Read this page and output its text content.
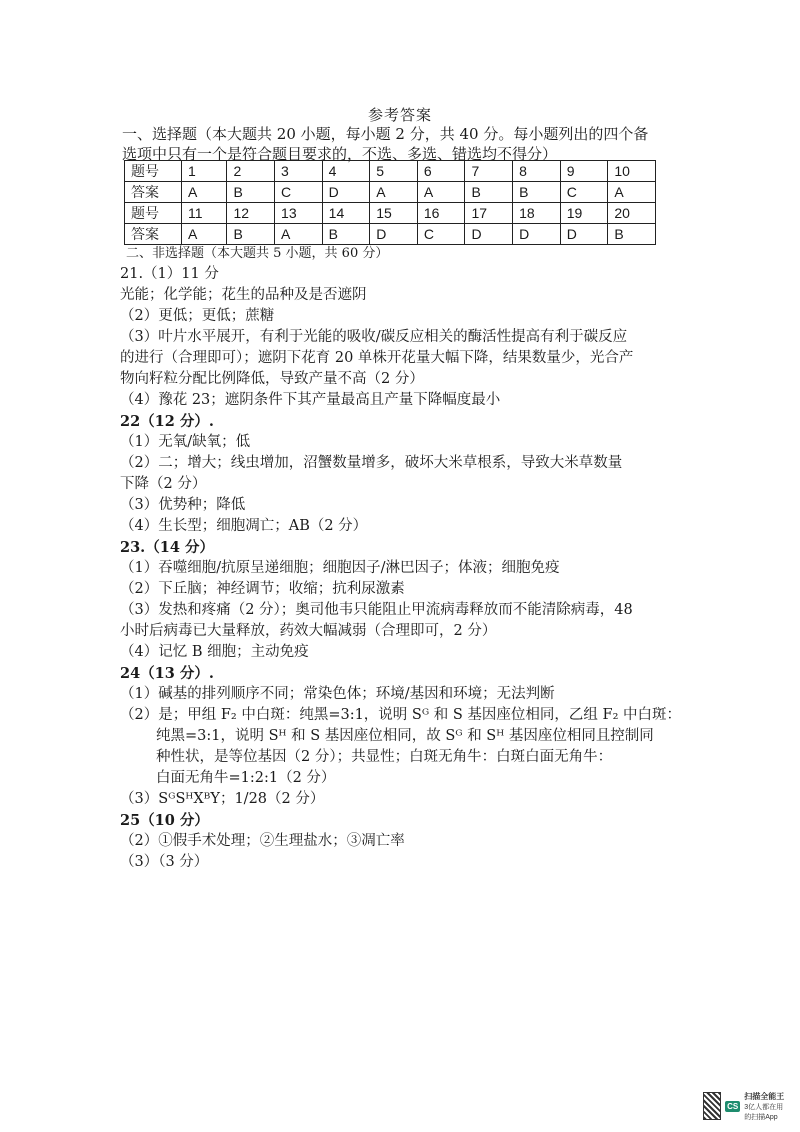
参考答案
一、选择题（本大题共 20 小题，每小题 2 分，共 40 分。每小题列出的四个备选项中只有一个是符合题目要求的，不选、多选、错选均不得分）
题号	1	2	3	4	5	6	7	8	9	10
答案	A	B	C	D	A	A	B	B	C	A
题号	11	12	13	14	15	16	17	18	19	20
答案	A	B	A	B	D	C	D	D	D	B
二、非选择题（本大题共 5 小题，共 60 分）
21.（1）11 分
光能；化学能；花生的品种及是否遮阴
（2）更低；更低；蔗糖
（3）叶片水平展开，有利于光能的吸收/碳反应相关的酶活性提高有利于碳反应
的进行（合理即可）；遮阴下花育 20 单株开花量大幅下降，结果数量少，光合产
物向籽粒分配比例降低，导致产量不高（2 分）
（4）豫花 23；遮阴条件下其产量最高且产量下降幅度最小
22（12 分）.
（1）无氧/缺氧；低
（2）二；增大；线虫增加，沼蟹数量增多，破坏大米草根系，导致大米草数量
下降（2 分）
（3）优势种；降低
（4）生长型；细胞凋亡；AB（2 分）
23.（14 分）
（1）吞噬细胞/抗原呈递细胞；细胞因子/淋巴因子；体液；细胞免疫
（2）下丘脑；神经调节；收缩；抗利尿激素
（3）发热和疼痛（2 分）；奥司他韦只能阻止甲流病毒释放而不能清除病毒，48
小时后病毒已大量释放，药效大幅减弱（合理即可，2 分）
（4）记忆 B 细胞；主动免疫
24（13 分）.
（1）碱基的排列顺序不同；常染色体；环境/基因和环境；无法判断
（2）是；甲组 F₂ 中白斑：纯黑=3:1，说明 Sᴳ 和 S 基因座位相同，乙组 F₂ 中白斑：
纯黑=3:1，说明 Sᴴ 和 S 基因座位相同，故 Sᴳ 和 Sᴴ 基因座位相同且控制同
种性状，是等位基因（2 分）；共显性；白斑无角牛：白斑白面无角牛：
白面无角牛=1:2:1（2 分）
（3）SᴳSᴴXᴮY；1/28（2 分）
25（10 分）
（2）①假手术处理；②生理盐水；③凋亡率
（3）（3 分）
CS
扫描全能王
3亿人都在用的扫描App
